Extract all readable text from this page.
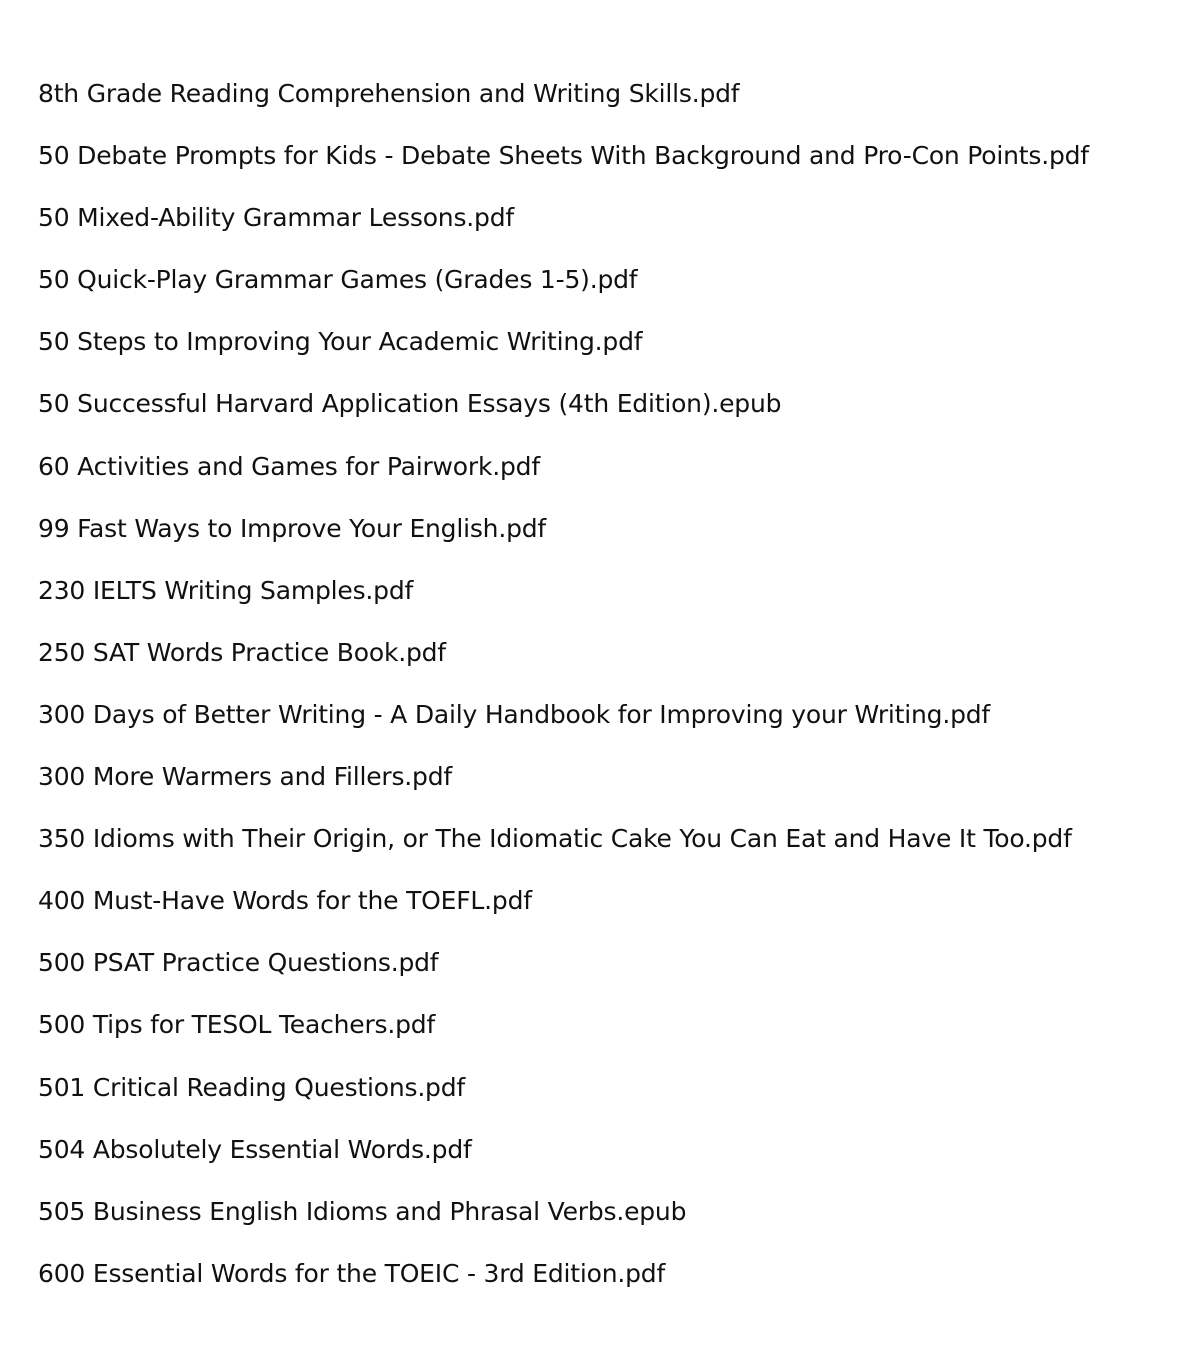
8th Grade Reading Comprehension and Writing Skills.pdf
50 Debate Prompts for Kids - Debate Sheets With Background and Pro-Con Points.pdf
50 Mixed-Ability Grammar Lessons.pdf
50 Quick-Play Grammar Games (Grades 1-5).pdf
50 Steps to Improving Your Academic Writing.pdf
50 Successful Harvard Application Essays (4th Edition).epub
60 Activities and Games for Pairwork.pdf
99 Fast Ways to Improve Your English.pdf
230 IELTS Writing Samples.pdf
250 SAT Words Practice Book.pdf
300 Days of Better Writing - A Daily Handbook for Improving your Writing.pdf
300 More Warmers and Fillers.pdf
350 Idioms with Their Origin, or The Idiomatic Cake You Can Eat and Have It Too.pdf
400 Must-Have Words for the TOEFL.pdf
500 PSAT Practice Questions.pdf
500 Tips for TESOL Teachers.pdf
501 Critical Reading Questions.pdf
504 Absolutely Essential Words.pdf
505 Business English Idioms and Phrasal Verbs.epub
600 Essential Words for the TOEIC - 3rd Edition.pdf
